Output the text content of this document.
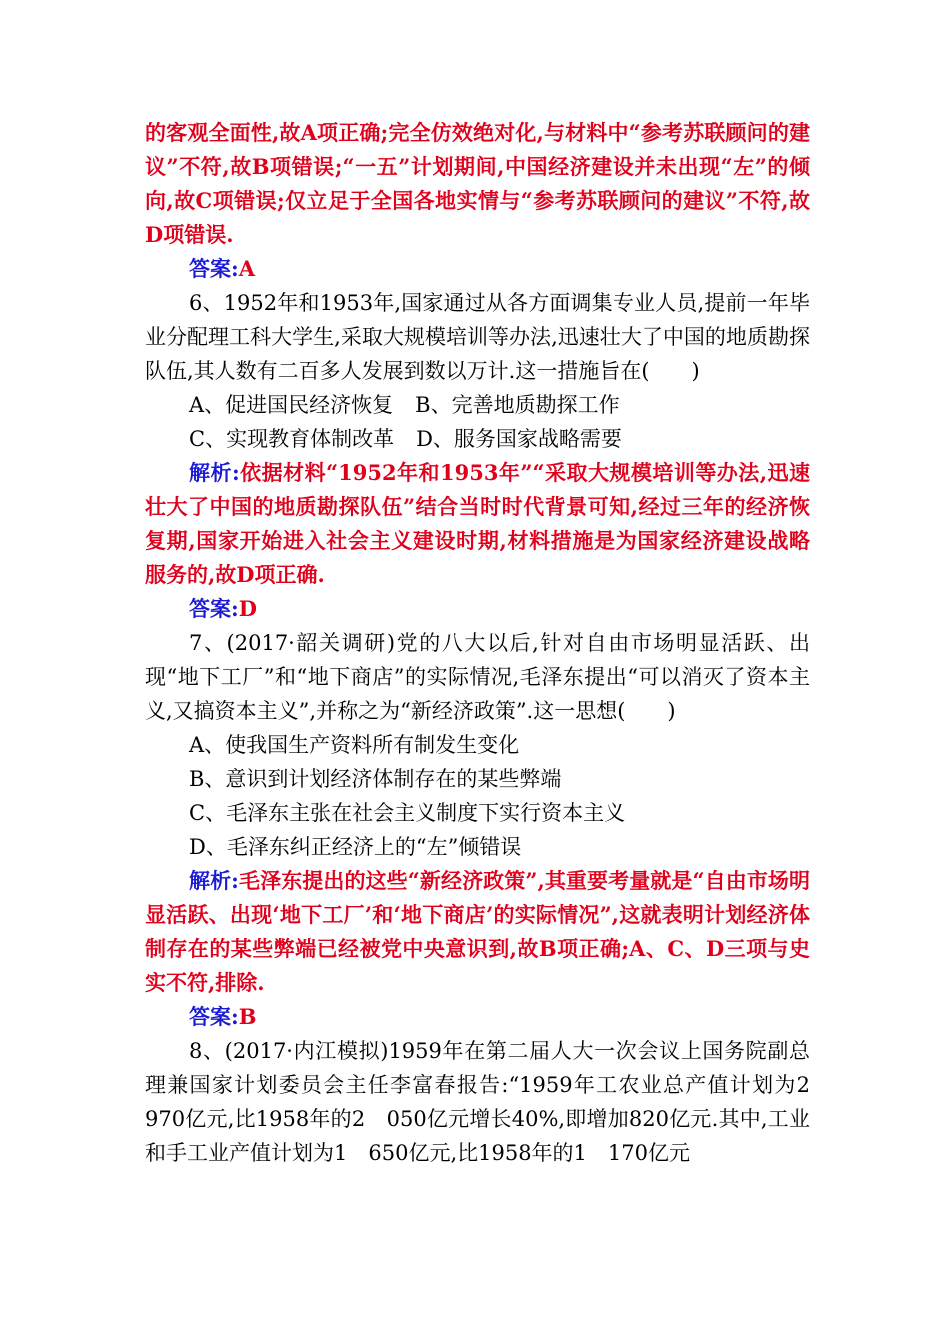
的客观全面性,故A项正确;完全仿效绝对化,与材料中“参考苏联顾问的建议”不符,故B项错误;“一五”计划期间,中国经济建设并未出现“左”的倾向,故C项错误;仅立足于全国各地实情与“参考苏联顾问的建议”不符,故D项错误.

答案:A

6、1952年和1953年,国家通过从各方面调集专业人员,提前一年毕业分配理工科大学生,采取大规模培训等办法,迅速壮大了中国的地质勘探队伍,其人数有二百多人发展到数以万计.这一措施旨在(　　)

A、促进国民经济恢复 B、完善地质勘探工作

C、实现教育体制改革 D、服务国家战略需要

解析:依据材料“1952年和1953年”“采取大规模培训等办法,迅速壮大了中国的地质勘探队伍”结合当时时代背景可知,经过三年的经济恢复期,国家开始进入社会主义建设时期,材料措施是为国家经济建设战略服务的,故D项正确.

答案:D

7、(2017·韶关调研)党的八大以后,针对自由市场明显活跃、出现“地下工厂”和“地下商店”的实际情况,毛泽东提出“可以消灭了资本主义,又搞资本主义”,并称之为“新经济政策”.这一思想(　　)

A、使我国生产资料所有制发生变化

B、意识到计划经济体制存在的某些弊端

C、毛泽东主张在社会主义制度下实行资本主义

D、毛泽东纠正经济上的“左”倾错误

解析:毛泽东提出的这些“新经济政策”,其重要考量就是“自由市场明显活跃、出现‘地下工厂’和‘地下商店’的实际情况”,这就表明计划经济体制存在的某些弊端已经被党中央意识到,故B项正确;A、C、D三项与史实不符,排除.

答案:B

8、(2017·内江模拟)1959年在第二届人大一次会议上国务院副总理兼国家计划委员会主任李富春报告:“1959年工农业总产值计划为2　970亿元,比1958年的2　050亿元增长40%,即增加820亿元.其中,工业和手工业产值计划为1　650亿元,比1958年的1　170亿元
